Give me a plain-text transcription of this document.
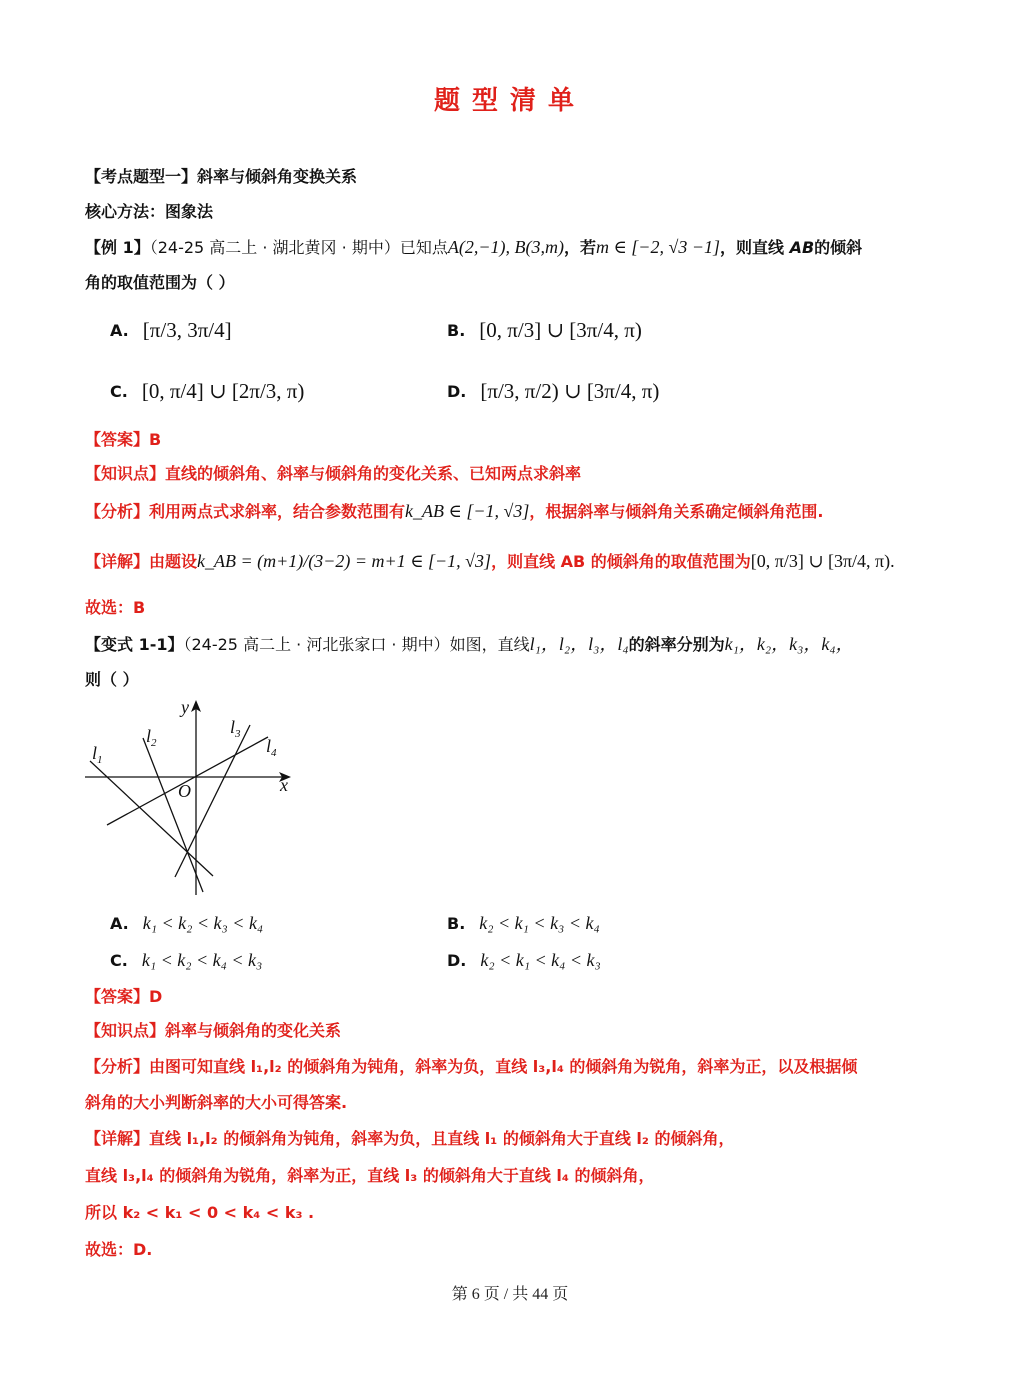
题型清单
【考点题型一】斜率与倾斜角变换关系
核心方法：图象法
【例 1】（24-25 高二上 · 湖北黄冈 · 期中）已知点A(2,−1), B(3,m)，若m ∈ [−2, √3 −1]，则直线 AB的倾斜
角的取值范围为（ ）
A. [π/3, 3π/4]	B. [0, π/3] ∪ [3π/4, π)
C. [0, π/4] ∪ [2π/3, π)	D. [π/3, π/2) ∪ [3π/4, π)
【答案】B
【知识点】直线的倾斜角、斜率与倾斜角的变化关系、已知两点求斜率
【分析】利用两点式求斜率，结合参数范围有k_AB ∈ [−1, √3]，根据斜率与倾斜角关系确定倾斜角范围.
【详解】由题设k_AB = (m+1)/(3−2) = m+1 ∈ [−1, √3]，则直线 AB 的倾斜角的取值范围为[0, π/3] ∪ [3π/4, π).
故选：B
【变式 1-1】（24-25 高二上 · 河北张家口 · 期中）如图，直线l₁，l₂，l₃，l₄的斜率分别为k₁，k₂，k₃，k₄，
则（ ）
$l_1$
$l_2$
$l_3$
$l_4$
O	x
y
A. k₁ < k₂ < k₃ < k₄	B. k₂ < k₁ < k₃ < k₄
C. k₁ < k₂ < k₄ < k₃	D. k₂ < k₁ < k₄ < k₃
【答案】D
【知识点】斜率与倾斜角的变化关系
【分析】由图可知直线 l₁,l₂ 的倾斜角为钝角，斜率为负，直线 l₃,l₄ 的倾斜角为锐角，斜率为正，以及根据倾
斜角的大小判断斜率的大小可得答案.
【详解】直线 l₁,l₂ 的倾斜角为钝角，斜率为负，且直线 l₁ 的倾斜角大于直线 l₂ 的倾斜角，
直线 l₃,l₄ 的倾斜角为锐角，斜率为正，直线 l₃ 的倾斜角大于直线 l₄ 的倾斜角，
所以 k₂ < k₁ < 0 < k₄ < k₃ .
故选：D.
第 6 页 / 共 44 页
